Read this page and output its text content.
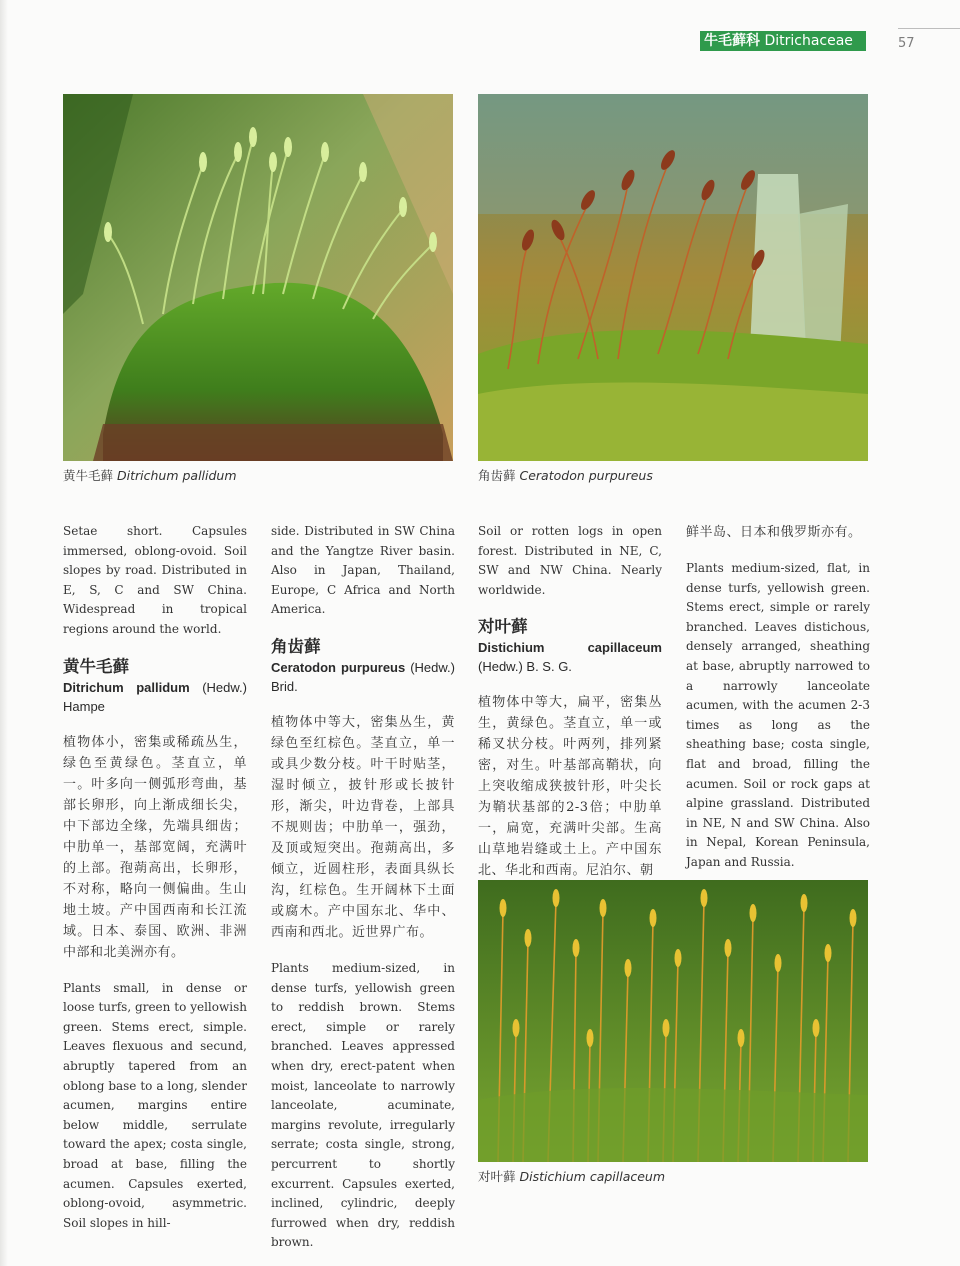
牛毛藓科 Ditrichaceae	57
黄牛毛藓 Ditrichum pallidum	角齿藓 Ceratodon purpureus
对叶藓 Distichium capillaceum

Setae short. Capsules immersed, oblong-ovoid. Soil slopes by road. Distributed in E, S, C and SW China. Widespread in tropical regions around the world.

黄牛毛藓

Ditrichum pallidum (Hedw.) Hampe

植物体小，密集或稀疏丛生，绿色至黄绿色。茎直立，单一。叶多向一侧弧形弯曲，基部长卵形，向上渐成细长尖，中下部边全缘，先端具细齿；中肋单一，基部宽阔，充满叶的上部。孢蒴高出，长卵形，不对称，略向一侧偏曲。生山地土坡。产中国西南和长江流域。日本、泰国、欧洲、非洲中部和北美洲亦有。

Plants small, in dense or loose turfs, green to yellowish green. Stems erect, simple. Leaves flexuous and secund, abruptly tapered from an oblong base to a long, slender acumen, margins entire below middle, serrulate toward the apex; costa single, broad at base, filling the acumen. Capsules exerted, oblong-ovoid, asymmetric. Soil slopes in hill-

side. Distributed in SW China and the Yangtze River basin. Also in Japan, Thailand, Europe, C Africa and North America.

角齿藓

Ceratodon purpureus (Hedw.) Brid.

植物体中等大，密集丛生，黄绿色至红棕色。茎直立，单一或具少数分枝。叶干时贴茎，湿时倾立，披针形或长披针形，渐尖，叶边背卷，上部具不规则齿；中肋单一，强劲，及顶或短突出。孢蒴高出，多倾立，近圆柱形，表面具纵长沟，红棕色。生开阔林下土面或腐木。产中国东北、华中、西南和西北。近世界广布。

Plants medium-sized, in dense turfs, yellowish green to reddish brown. Stems erect, simple or rarely branched. Leaves appressed when dry, erect-patent when moist, lanceolate to narrowly lanceolate, acuminate, margins revolute, irregularly serrate; costa single, strong, percurrent to shortly excurrent. Capsules exerted, inclined, cylindric, deeply furrowed when dry, reddish brown.

Soil or rotten logs in open forest. Distributed in NE, C, SW and NW China. Nearly worldwide.

对叶藓

Distichium capillaceum (Hedw.) B. S. G.

植物体中等大，扁平，密集丛生，黄绿色。茎直立，单一或稀叉状分枝。叶两列，排列紧密，对生。叶基部高鞘状，向上突收缩成狭披针形，叶尖长为鞘状基部的2-3倍；中肋单一，扁宽，充满叶尖部。生高山草地岩缝或土上。产中国东北、华北和西南。尼泊尔、朝

鲜半岛、日本和俄罗斯亦有。

Plants medium-sized, flat, in dense turfs, yellowish green. Stems erect, simple or rarely branched. Leaves distichous, densely arranged, sheathing at base, abruptly narrowed to a narrowly lanceolate acumen, with the acumen 2-3 times as long as the sheathing base; costa single, flat and broad, filling the acumen. Soil or rock gaps at alpine grassland. Distributed in NE, N and SW China. Also in Nepal, Korean Peninsula, Japan and Russia.
